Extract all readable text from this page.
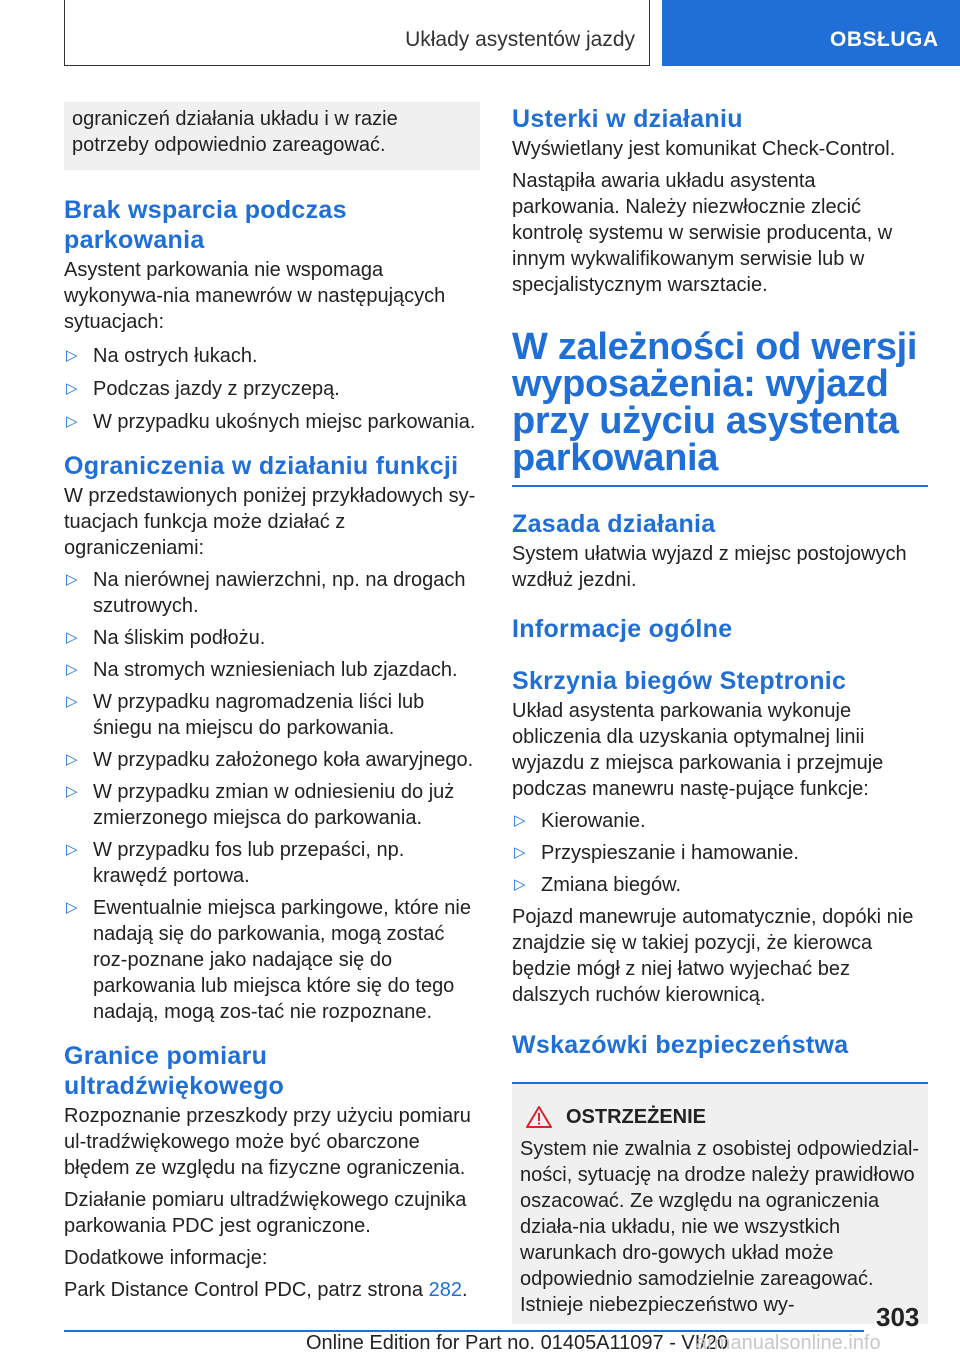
Układy asystentów jazdy	OBSŁUGA

ograniczeń działania układu i w razie potrzeby odpowiednio zareagować.

Brak wsparcia podczas parkowania

Asystent parkowania nie wspomaga wykonywa‐nia manewrów w następujących sytuacjach:

▷ Na ostrych łukach.
▷ Podczas jazdy z przyczepą.
▷ W przypadku ukośnych miejsc parkowania.
Ograniczenia w działaniu funkcji

W przedstawionych poniżej przykładowych sy‐tuacjach funkcja może działać z ograniczeniami:

▷ Na nierównej nawierzchni, np. na drogach szutrowych.
▷ Na śliskim podłożu.
▷ Na stromych wzniesieniach lub zjazdach.
▷ W przypadku nagromadzenia liści lub śniegu na miejscu do parkowania.
▷ W przypadku założonego koła awaryjnego.
▷ W przypadku zmian w odniesieniu do już zmierzonego miejsca do parkowania.
▷ W przypadku fos lub przepaści, np. krawędź portowa.
▷ Ewentualnie miejsca parkingowe, które nie nadają się do parkowania, mogą zostać roz‐poznane jako nadające się do parkowania lub miejsca które się do tego nadają, mogą zos‐tać nie rozpoznane.
Granice pomiaru ultradźwiękowego

Rozpoznanie przeszkody przy użyciu pomiaru ul‐tradźwiękowego może być obarczone błędem ze względu na fizyczne ograniczenia.

Działanie pomiaru ultradźwiękowego czujnika parkowania PDC jest ograniczone.

Dodatkowe informacje:

Park Distance Control PDC, patrz strona 282.

Usterki w działaniu

Wyświetlany jest komunikat Check-Control.

Nastąpiła awaria układu asystenta parkowania. Należy niezwłocznie zlecić kontrolę systemu w serwisie producenta, w innym wykwalifikowanym serwisie lub w specjalistycznym warsztacie.

W zależności od wersji wyposażenia: wyjazd przy użyciu asystenta parkowania
Zasada działania

System ułatwia wyjazd z miejsc postojowych wzdłuż jezdni.

Informacje ogólne
Skrzynia biegów Steptronic

Układ asystenta parkowania wykonuje obliczenia dla uzyskania optymalnej linii wyjazdu z miejsca parkowania i przejmuje podczas manewru nastę‐pujące funkcje:

▷ Kierowanie.
▷ Przyspieszanie i hamowanie.
▷ Zmiana biegów.

Pojazd manewruje automatycznie, dopóki nie znajdzie się w takiej pozycji, że kierowca będzie mógł z niej łatwo wyjechać bez dalszych ruchów kierownicą.

Wskazówki bezpieczeństwa
OSTRZEŻENIE

System nie zwalnia z osobistej odpowiedzial‐ności, sytuację na drodze należy prawidłowo oszacować. Ze względu na ograniczenia działa‐nia układu, nie we wszystkich warunkach dro‐gowych układ może odpowiednio samodzielnie zareagować. Istnieje niebezpieczeństwo wy‐	303
Online Edition for Part no. 01405A11097 - VI/20
armanualsonline.info
